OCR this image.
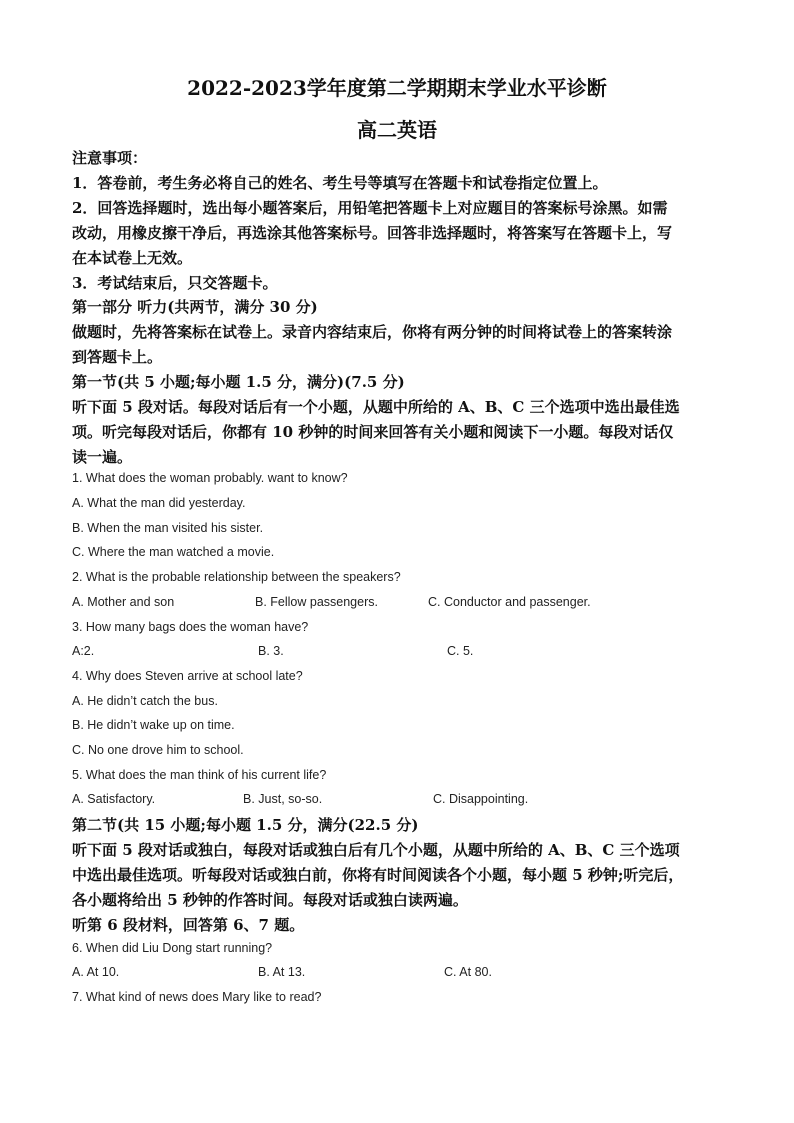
2022-2023学年度第二学期期末学业水平诊断
高二英语
注意事项：
1．答卷前，考生务必将自己的姓名、考生号等填写在答题卡和试卷指定位置上。
2．回答选择题时，选出每小题答案后，用铅笔把答题卡上对应题目的答案标号涂黑。如需
改动，用橡皮擦干净后，再选涂其他答案标号。回答非选择题时，将答案写在答题卡上，写
在本试卷上无效。
3．考试结束后，只交答题卡。
第一部分 听力(共两节，满分 30 分)
做题时，先将答案标在试卷上。录音内容结束后，你将有两分钟的时间将试卷上的答案转涂
到答题卡上。
第一节(共 5 小题;每小题 1.5 分，满分)(7.5 分)
听下面 5 段对话。每段对话后有一个小题，从题中所给的 A、B、C 三个选项中选出最佳选
项。听完每段对话后，你都有 10 秒钟的时间来回答有关小题和阅读下一小题。每段对话仅
读一遍。
1. What does the woman probably. want to know?
A. What the man did yesterday.
B. When the man visited his sister.
C. Where the man watched a movie.
2. What is the probable relationship between the speakers?
A. Mother and son	B. Fellow passengers.	C. Conductor and passenger.
3. How many bags does the woman have?
A:2.	B. 3.	C. 5.
4. Why does Steven arrive at school late?
A. He didn’t catch the bus.
B. He didn’t wake up on time.
C. No one drove him to school.
5. What does the man think of his current life?
A. Satisfactory.	B. Just, so-so.	C. Disappointing.
第二节(共 15 小题;每小题 1.5 分，满分(22.5 分)
听下面 5 段对话或独白，每段对话或独白后有几个小题，从题中所给的 A、B、C 三个选项
中选出最佳选项。听每段对话或独白前，你将有时间阅读各个小题，每小题 5 秒钟;听完后，
各小题将给出 5 秒钟的作答时间。每段对话或独白读两遍。
听第 6 段材料，回答第 6、7 题。
6. When did Liu Dong start running?
A. At 10.	B. At 13.	C. At 80.
7. What kind of news does Mary like to read?
